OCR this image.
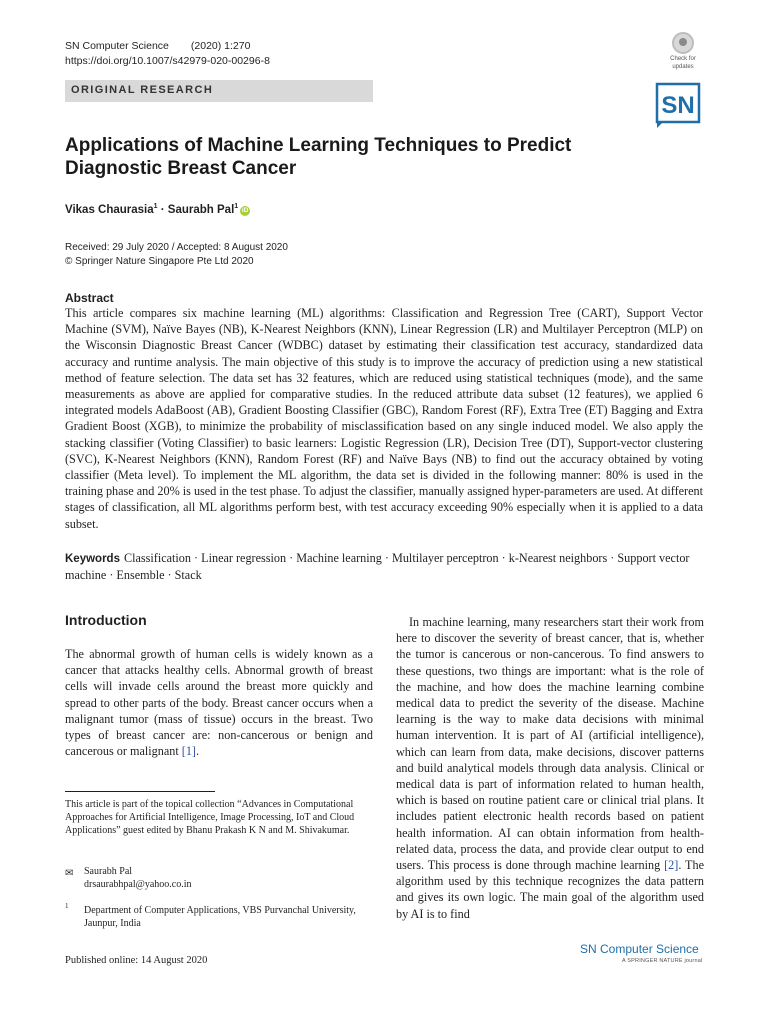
SN Computer Science (2020) 1:270
https://doi.org/10.1007/s42979-020-00296-8
ORIGINAL RESEARCH
Check for
updates
SN
Applications of Machine Learning Techniques to Predict Diagnostic Breast Cancer
Vikas Chaurasia$^1$ · Saurabh Pal$^1$iD
Received: 29 July 2020 / Accepted: 8 August 2020
© Springer Nature Singapore Pte Ltd 2020
Abstract
This article compares six machine learning (ML) algorithms: Classification and Regression Tree (CART), Support Vector Machine (SVM), Naïve Bayes (NB), K-Nearest Neighbors (KNN), Linear Regression (LR) and Multilayer Perceptron (MLP) on the Wisconsin Diagnostic Breast Cancer (WDBC) dataset by estimating their classification test accuracy, standardized data accuracy and runtime analysis. The main objective of this study is to improve the accuracy of prediction using a new statistical method of feature selection. The data set has 32 features, which are reduced using statistical techniques (mode), and the same measurements as above are applied for comparative studies. In the reduced attribute data subset (12 features), we applied 6 integrated models AdaBoost (AB), Gradient Boosting Classifier (GBC), Random Forest (RF), Extra Tree (ET) Bagging and Extra Gradient Boost (XGB), to minimize the probability of misclassification based on any single induced model. We also apply the stacking classifier (Voting Classifier) to basic learners: Logistic Regression (LR), Decision Tree (DT), Support-vector clustering (SVC), K-Nearest Neighbors (KNN), Random Forest (RF) and Naïve Bays (NB) to find out the accuracy obtained by voting classifier (Meta level). To implement the ML algorithm, the data set is divided in the following manner: 80% is used in the training phase and 20% is used in the test phase. To adjust the classifier, manually assigned hyper-parameters are used. At different stages of classification, all ML algorithms perform best, with test accuracy exceeding 90% especially when it is applied to a data subset.
Keywords Classification · Linear regression · Machine learning · Multilayer perceptron · k-Nearest neighbors · Support vector machine · Ensemble · Stack
Introduction
The abnormal growth of human cells is widely known as a cancer that attacks healthy cells. Abnormal growth of breast cells will invade cells around the breast more quickly and spread to other parts of the body. Breast cancer occurs when a malignant tumor (mass of tissue) occurs in the breast. Two types of breast cancer are: non-cancerous or benign and cancerous or malignant [1].
This article is part of the topical collection “Advances in Computational Approaches for Artificial Intelligence, Image Processing, IoT and Cloud Applications” guest edited by Bhanu Prakash K N and M. Shivakumar.
✉ Saurabh Pal
drsaurabhpal@yahoo.co.in
1 Department of Computer Applications, VBS Purvanchal University, Jaunpur, India
In machine learning, many researchers start their work from here to discover the severity of breast cancer, that is, whether the tumor is cancerous or non-cancerous. To find answers to these questions, two things are important: what is the role of the machine, and how does the machine learning combine medical data to predict the severity of the disease. Machine learning is the way to make data decisions with minimal human intervention. It is part of AI (artificial intelligence), which can learn from data, make decisions, discover patterns and build analytical models through data analysis. Clinical or medical data is part of information related to human health, which is based on routine patient care or clinical trial plans. It includes patient electronic health records based on patient health information. AI can obtain information from health-related data, process the data, and provide clear output to end users. This process is done through machine learning [2]. The algorithm used by this technique recognizes the data pattern and gives its own logic. The main goal of the algorithm used by AI is to find
Published online: 14 August 2020
SN Computer Science
A SPRINGER NATURE journal
